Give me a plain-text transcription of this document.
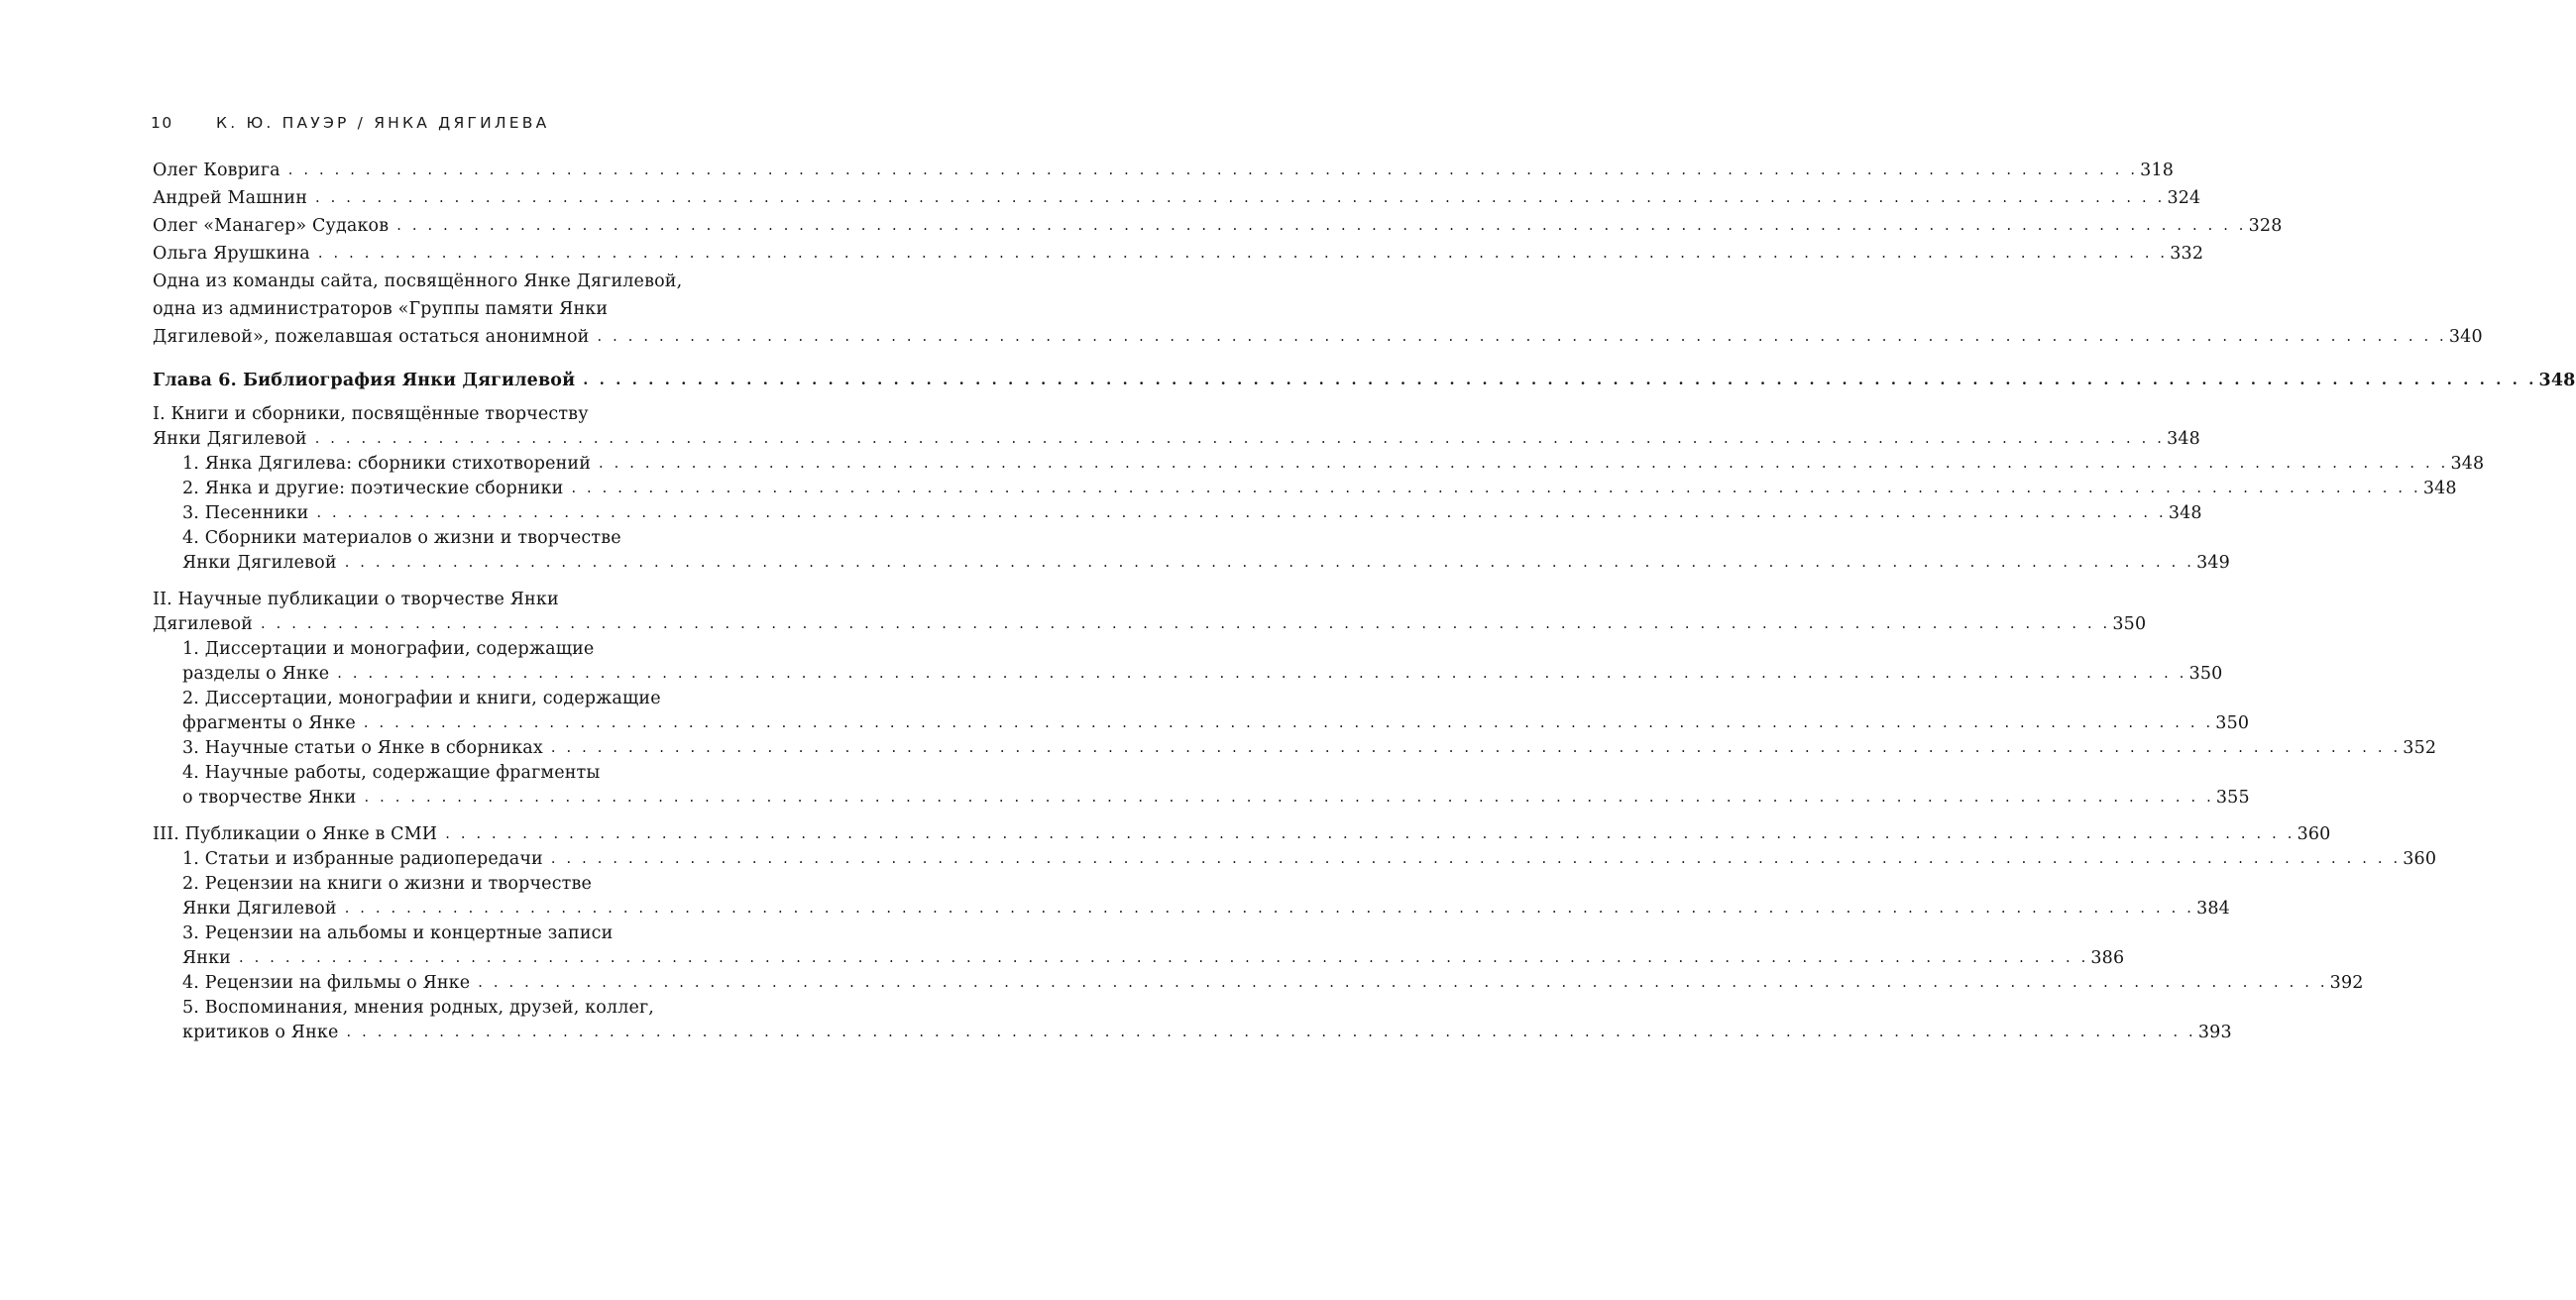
10	К. Ю. ПАУЭР / ЯНКА ДЯГИЛЕВА
Олег Коврига . . . . . . . . . . . . . . . . . . . . . . . . . . . . . . . . . . . . . . . . . . . . . . . . . . . . . . . . . . . . . . . . . . . . . . . . . . . . . . . . . . . . . . . . . . . . . . . . . . . . . . . . . . . . . . . . . . . . . . . . 318
Андрей Машнин . . . . . . . . . . . . . . . . . . . . . . . . . . . . . . . . . . . . . . . . . . . . . . . . . . . . . . . . . . . . . . . . . . . . . . . . . . . . . . . . . . . . . . . . . . . . . . . . . . . . . . . . . . . . . . . . . . . . . . . . 324
Олег «Манагер» Судаков . . . . . . . . . . . . . . . . . . . . . . . . . . . . . . . . . . . . . . . . . . . . . . . . . . . . . . . . . . . . . . . . . . . . . . . . . . . . . . . . . . . . . . . . . . . . . . . . . . . . . . . . . . . . . . . . . . . . . . . . 328
Ольга Ярушкина . . . . . . . . . . . . . . . . . . . . . . . . . . . . . . . . . . . . . . . . . . . . . . . . . . . . . . . . . . . . . . . . . . . . . . . . . . . . . . . . . . . . . . . . . . . . . . . . . . . . . . . . . . . . . . . . . . . . . . . . 332
Одна из команды сайта, посвящённого Янке Дягилевой,
одна из администраторов «Группы памяти Янки
Дягилевой», пожелавшая остаться анонимной . . . . . . . . . . . . . . . . . . . . . . . . . . . . . . . . . . . . . . . . . . . . . . . . . . . . . . . . . . . . . . . . . . . . . . . . . . . . . . . . . . . . . . . . . . . . . . . . . . . . . . . . . . . . . . . . . . . . . . . . 340
Глава 6. Библиография Янки Дягилевой . . . . . . . . . . . . . . . . . . . . . . . . . . . . . . . . . . . . . . . . . . . . . . . . . . . . . . . . . . . . . . . . . . . . . . . . . . . . . . . . . . . . . . . . . . . . . . . . . . . . . . . . . . . . . . . . . . . . . . . . 348
I. Книги и сборники, посвящённые творчеству
Янки Дягилевой . . . . . . . . . . . . . . . . . . . . . . . . . . . . . . . . . . . . . . . . . . . . . . . . . . . . . . . . . . . . . . . . . . . . . . . . . . . . . . . . . . . . . . . . . . . . . . . . . . . . . . . . . . . . . . . . . . . . . . . . 348
1. Янка Дягилева: сборники стихотворений . . . . . . . . . . . . . . . . . . . . . . . . . . . . . . . . . . . . . . . . . . . . . . . . . . . . . . . . . . . . . . . . . . . . . . . . . . . . . . . . . . . . . . . . . . . . . . . . . . . . . . . . . . . . . . . . . . . . . . . . 348
2. Янка и другие: поэтические сборники . . . . . . . . . . . . . . . . . . . . . . . . . . . . . . . . . . . . . . . . . . . . . . . . . . . . . . . . . . . . . . . . . . . . . . . . . . . . . . . . . . . . . . . . . . . . . . . . . . . . . . . . . . . . . . . . . . . . . . . . 348
3. Песенники . . . . . . . . . . . . . . . . . . . . . . . . . . . . . . . . . . . . . . . . . . . . . . . . . . . . . . . . . . . . . . . . . . . . . . . . . . . . . . . . . . . . . . . . . . . . . . . . . . . . . . . . . . . . . . . . . . . . . . . . 348
4. Сборники материалов о жизни и творчестве
Янки Дягилевой . . . . . . . . . . . . . . . . . . . . . . . . . . . . . . . . . . . . . . . . . . . . . . . . . . . . . . . . . . . . . . . . . . . . . . . . . . . . . . . . . . . . . . . . . . . . . . . . . . . . . . . . . . . . . . . . . . . . . . . . 349
II. Научные публикации о творчестве Янки
Дягилевой . . . . . . . . . . . . . . . . . . . . . . . . . . . . . . . . . . . . . . . . . . . . . . . . . . . . . . . . . . . . . . . . . . . . . . . . . . . . . . . . . . . . . . . . . . . . . . . . . . . . . . . . . . . . . . . . . . . . . . . . 350
1. Диссертации и монографии, содержащие
разделы о Янке . . . . . . . . . . . . . . . . . . . . . . . . . . . . . . . . . . . . . . . . . . . . . . . . . . . . . . . . . . . . . . . . . . . . . . . . . . . . . . . . . . . . . . . . . . . . . . . . . . . . . . . . . . . . . . . . . . . . . . . . 350
2. Диссертации, монографии и книги, содержащие
фрагменты о Янке . . . . . . . . . . . . . . . . . . . . . . . . . . . . . . . . . . . . . . . . . . . . . . . . . . . . . . . . . . . . . . . . . . . . . . . . . . . . . . . . . . . . . . . . . . . . . . . . . . . . . . . . . . . . . . . . . . . . . . . . 350
3. Научные статьи о Янке в сборниках . . . . . . . . . . . . . . . . . . . . . . . . . . . . . . . . . . . . . . . . . . . . . . . . . . . . . . . . . . . . . . . . . . . . . . . . . . . . . . . . . . . . . . . . . . . . . . . . . . . . . . . . . . . . . . . . . . . . . . . . 352
4. Научные работы, содержащие фрагменты
о творчестве Янки . . . . . . . . . . . . . . . . . . . . . . . . . . . . . . . . . . . . . . . . . . . . . . . . . . . . . . . . . . . . . . . . . . . . . . . . . . . . . . . . . . . . . . . . . . . . . . . . . . . . . . . . . . . . . . . . . . . . . . . . 355
III. Публикации о Янке в СМИ . . . . . . . . . . . . . . . . . . . . . . . . . . . . . . . . . . . . . . . . . . . . . . . . . . . . . . . . . . . . . . . . . . . . . . . . . . . . . . . . . . . . . . . . . . . . . . . . . . . . . . . . . . . . . . . . . . . . . . . . 360
1. Статьи и избранные радиопередачи . . . . . . . . . . . . . . . . . . . . . . . . . . . . . . . . . . . . . . . . . . . . . . . . . . . . . . . . . . . . . . . . . . . . . . . . . . . . . . . . . . . . . . . . . . . . . . . . . . . . . . . . . . . . . . . . . . . . . . . . 360
2. Рецензии на книги о жизни и творчестве
Янки Дягилевой . . . . . . . . . . . . . . . . . . . . . . . . . . . . . . . . . . . . . . . . . . . . . . . . . . . . . . . . . . . . . . . . . . . . . . . . . . . . . . . . . . . . . . . . . . . . . . . . . . . . . . . . . . . . . . . . . . . . . . . . 384
3. Рецензии на альбомы и концертные записи
Янки . . . . . . . . . . . . . . . . . . . . . . . . . . . . . . . . . . . . . . . . . . . . . . . . . . . . . . . . . . . . . . . . . . . . . . . . . . . . . . . . . . . . . . . . . . . . . . . . . . . . . . . . . . . . . . . . . . . . . . . . 386
4. Рецензии на фильмы о Янке . . . . . . . . . . . . . . . . . . . . . . . . . . . . . . . . . . . . . . . . . . . . . . . . . . . . . . . . . . . . . . . . . . . . . . . . . . . . . . . . . . . . . . . . . . . . . . . . . . . . . . . . . . . . . . . . . . . . . . . . 392
5. Воспоминания, мнения родных, друзей, коллег,
критиков о Янке . . . . . . . . . . . . . . . . . . . . . . . . . . . . . . . . . . . . . . . . . . . . . . . . . . . . . . . . . . . . . . . . . . . . . . . . . . . . . . . . . . . . . . . . . . . . . . . . . . . . . . . . . . . . . . . . . . . . . . . . 393
